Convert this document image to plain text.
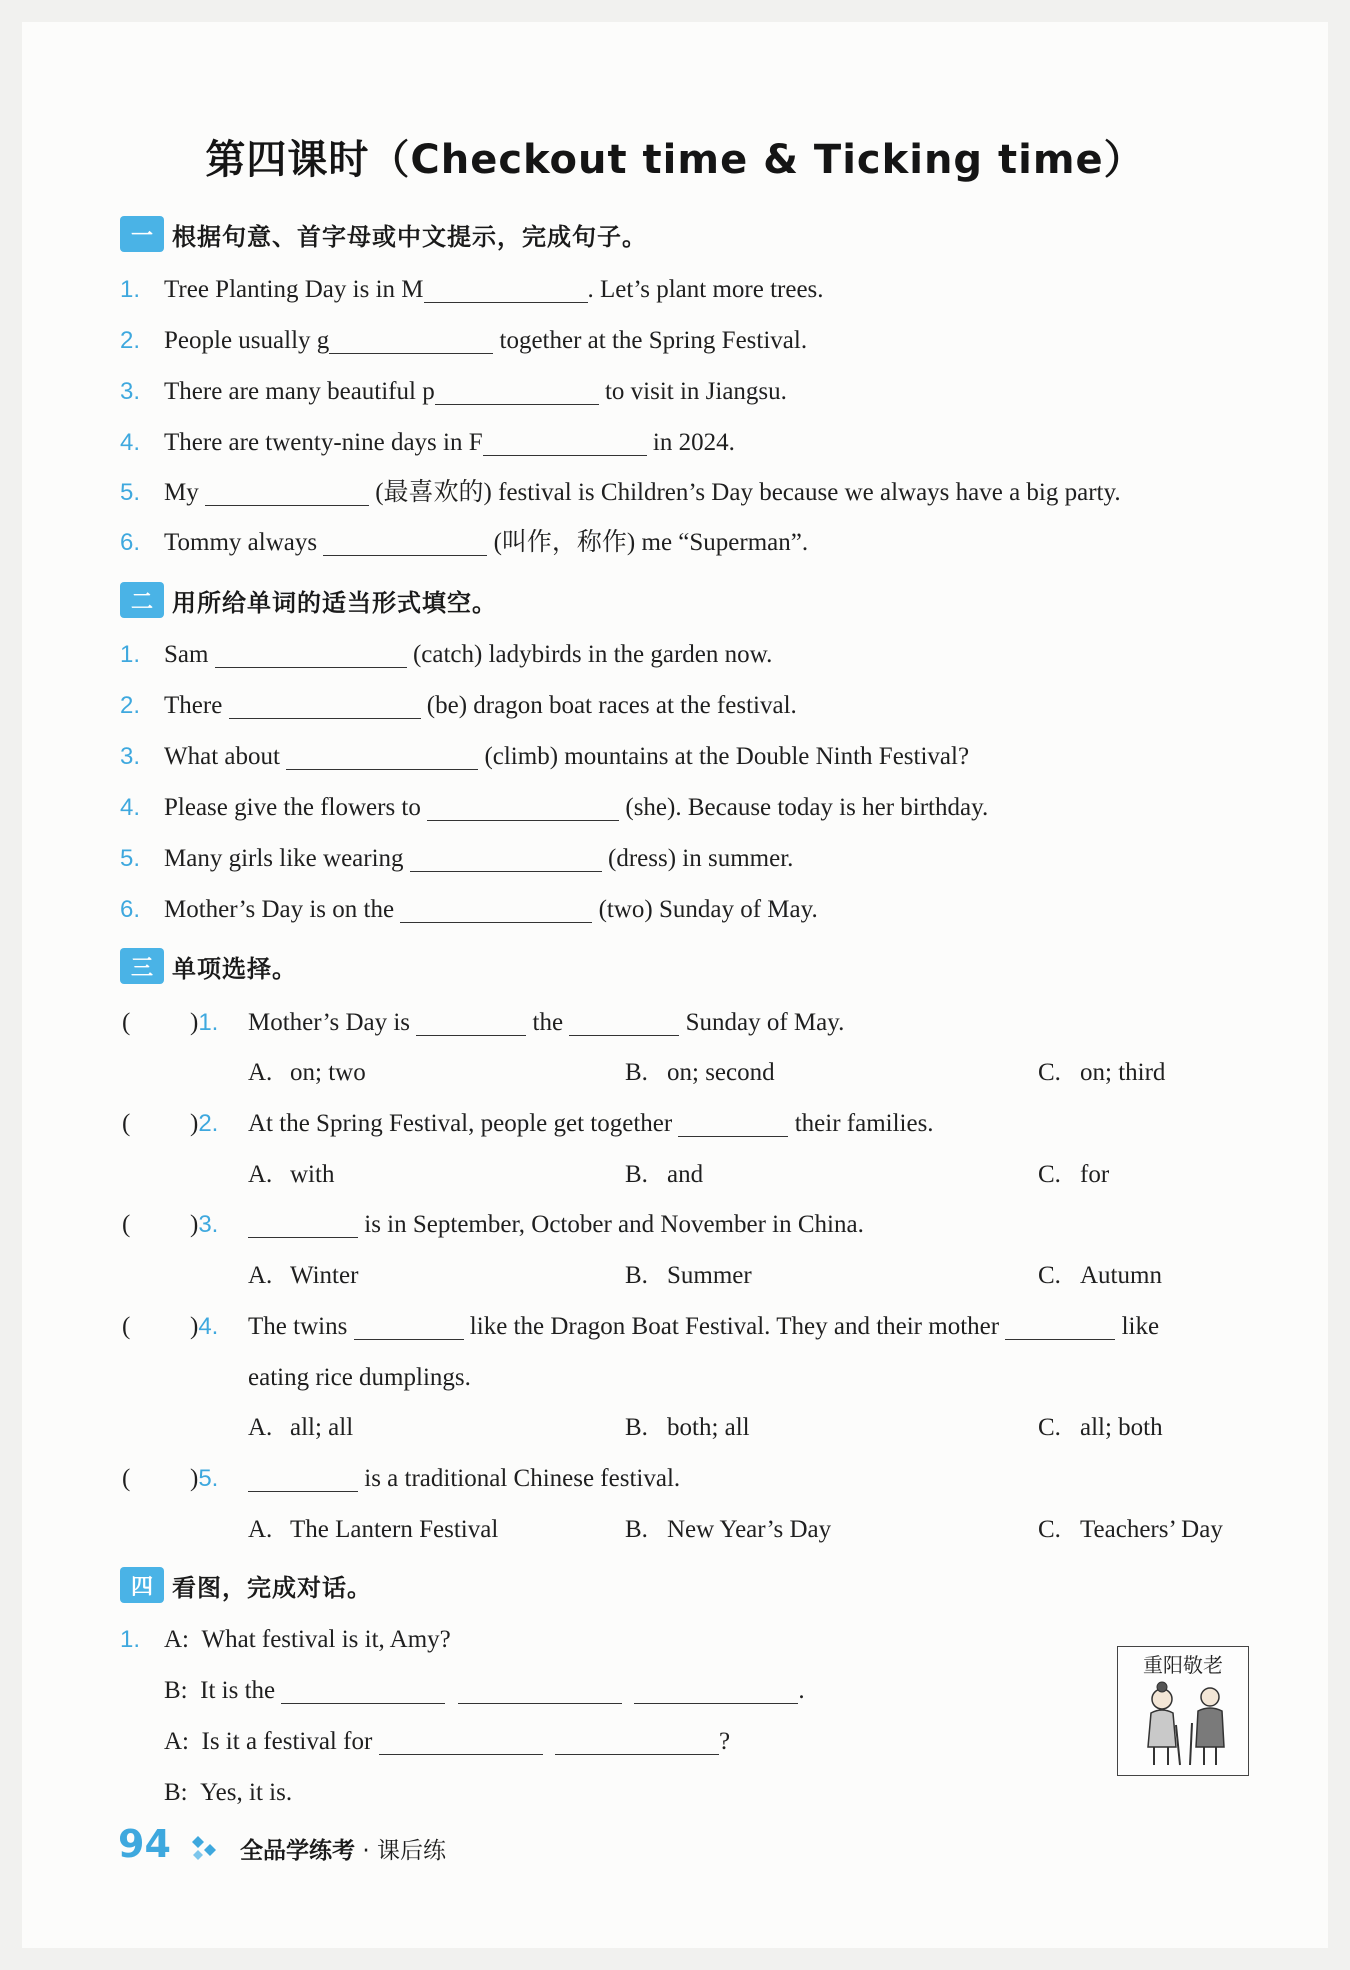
第四课时（Checkout time & Ticking time）
一 根据句意、首字母或中文提示，完成句子。
1. Tree Planting Day is in M	. Let’s plant more trees.
2. People usually g	together at the Spring Festival.
3. There are many beautiful p	to visit in Jiangsu.
4. There are twenty-nine days in F	in 2024.
5. My	(最喜欢的) festival is Children’s Day because we always have a big party.
6. Tommy always	(叫作，称作) me “Superman”.
二 用所给单词的适当形式填空。
1. Sam	(catch) ladybirds in the garden now.
2. There	(be) dragon boat races at the festival.
3. What about	(climb) mountains at the Double Ninth Festival?
4. Please give the flowers to	(she). Because today is her birthday.
5. Many girls like wearing	(dress) in summer.
6. Mother’s Day is on the	(two) Sunday of May.
三 单项选择。
( )1. Mother’s Day is	the	Sunday of May.
A. on; two	B. on; second	C. on; third
( )2. At the Spring Festival, people get together	their families.
A. with	B. and	C. for
( )3.	is in September, October and November in China.
A. Winter	B. Summer	C. Autumn
( )4. The twins	like the Dragon Boat Festival. They and their mother	like
eating rice dumplings.
A. all; all	B. both; all	C. all; both
( )5.	is a traditional Chinese festival.
A. The Lantern Festival	B. New Year’s Day	C. Teachers’ Day
四 看图，完成对话。
1. A: What festival is it, Amy?
B: It is the	.
A: Is it a festival for	?
B: Yes, it is.
重阳敬老
94	全品学练考 · 课后练
